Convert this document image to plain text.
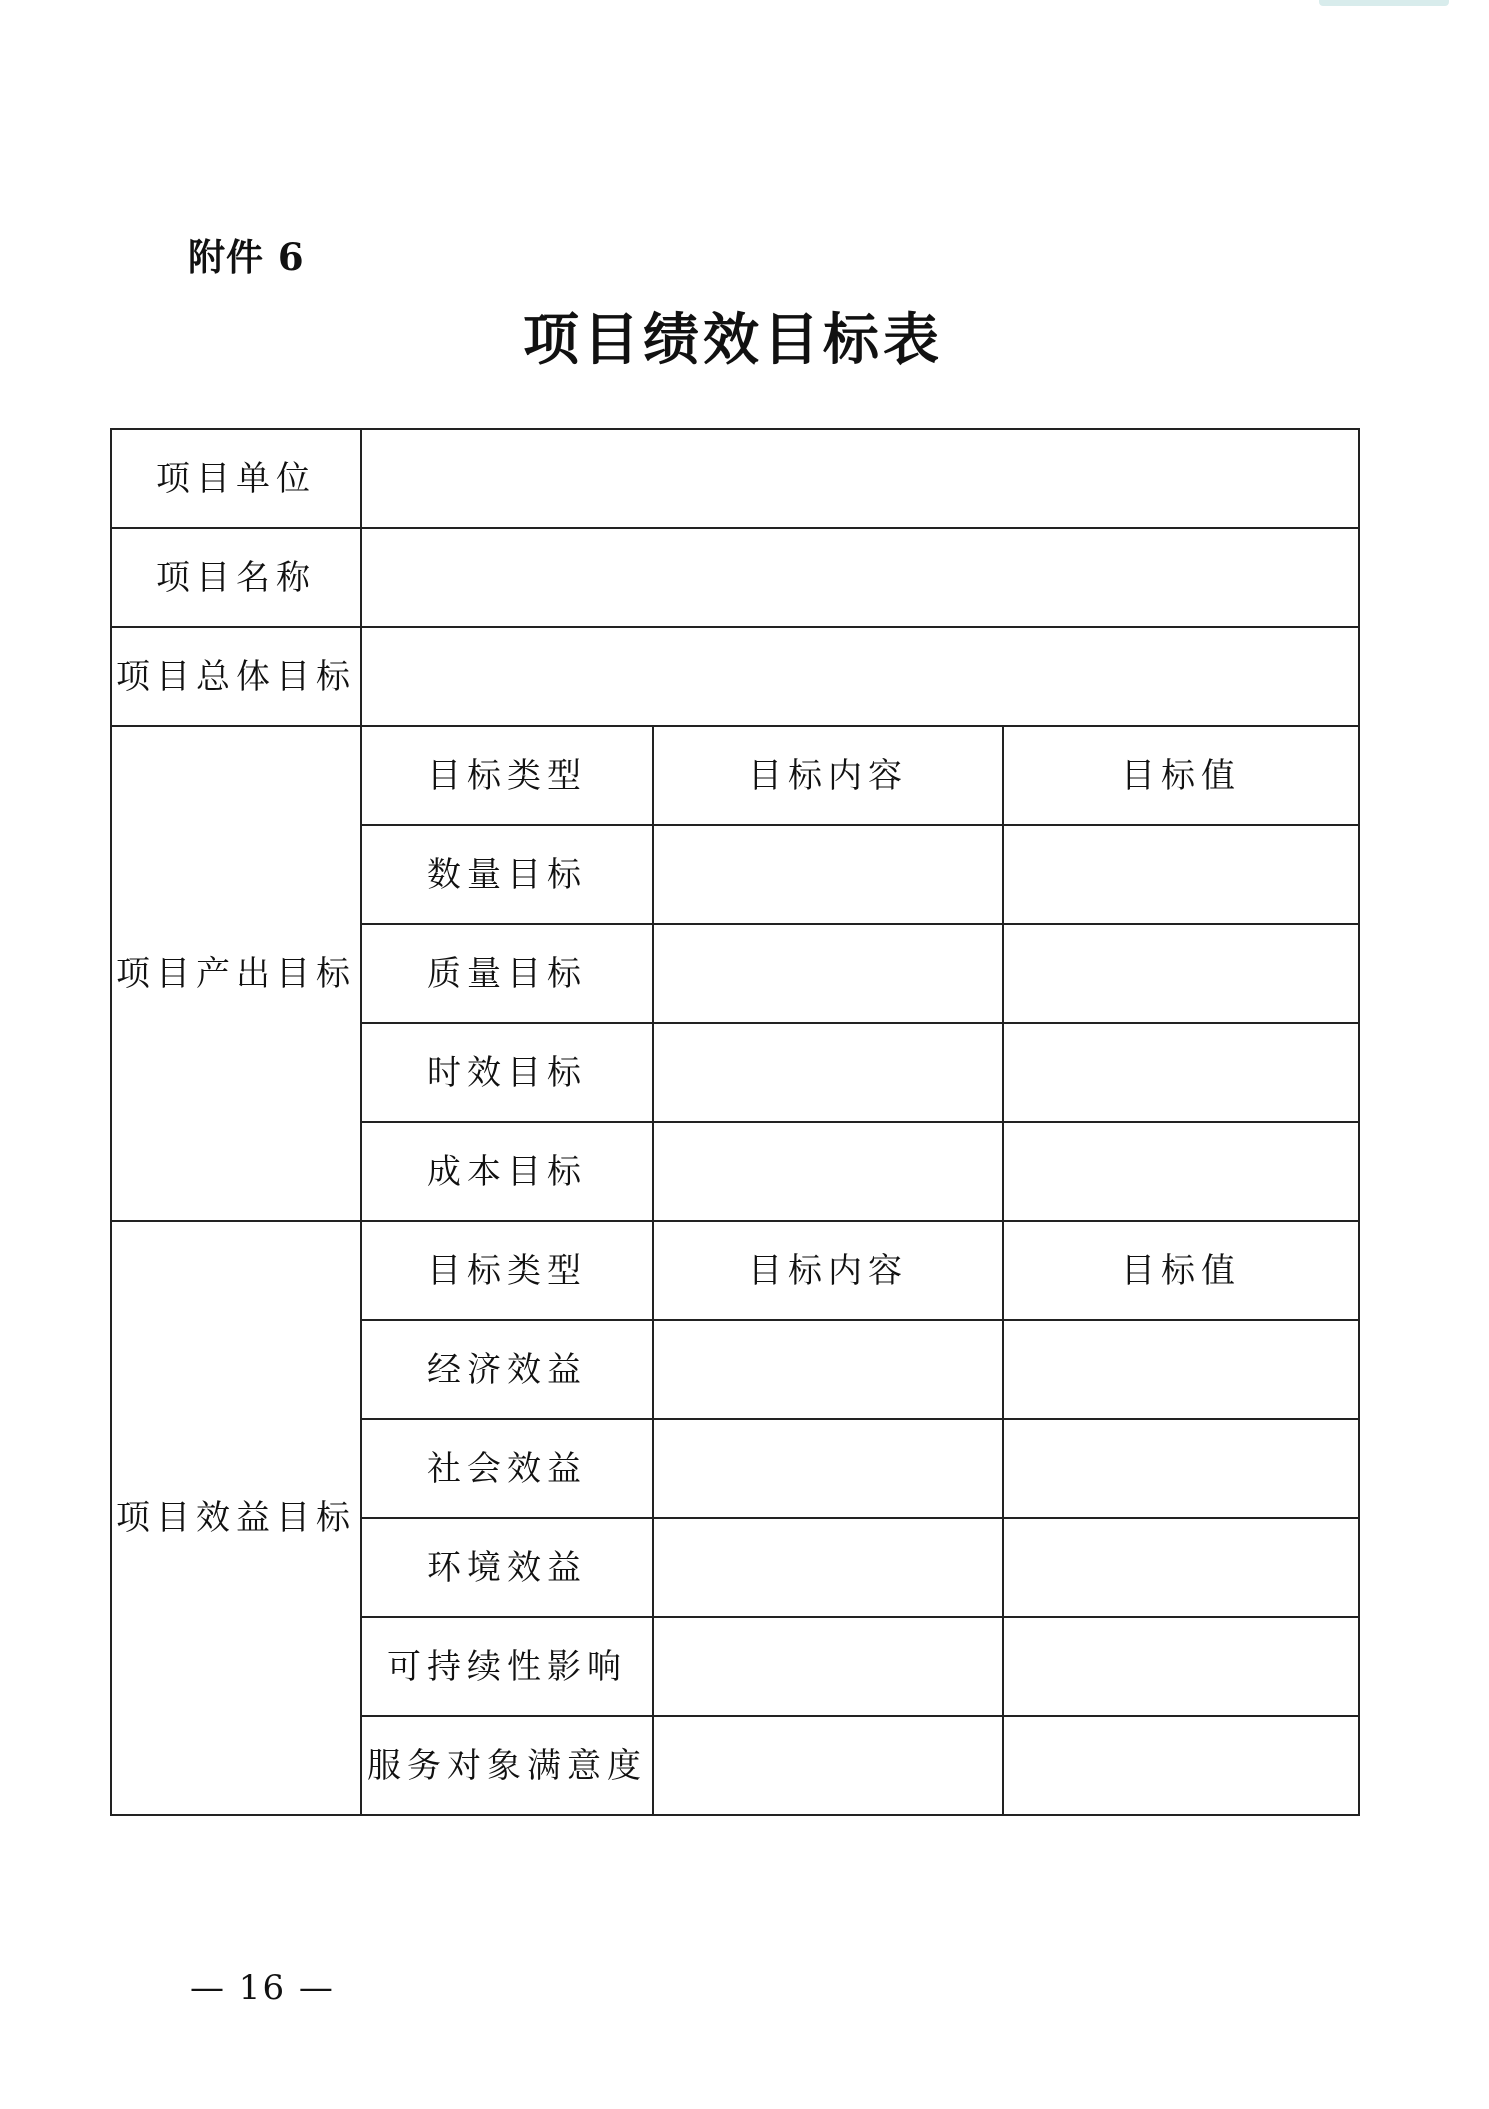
附件 6
项目绩效目标表
项目单位			
项目名称			
项目总体目标			
项目产出目标	目标类型	目标内容	目标值
	数量目标		
	质量目标		
	时效目标		
	成本目标		
项目效益目标	目标类型	目标内容	目标值
	经济效益		
	社会效益		
	环境效益		
	可持续性影响		
	服务对象满意度		
— 16 —
